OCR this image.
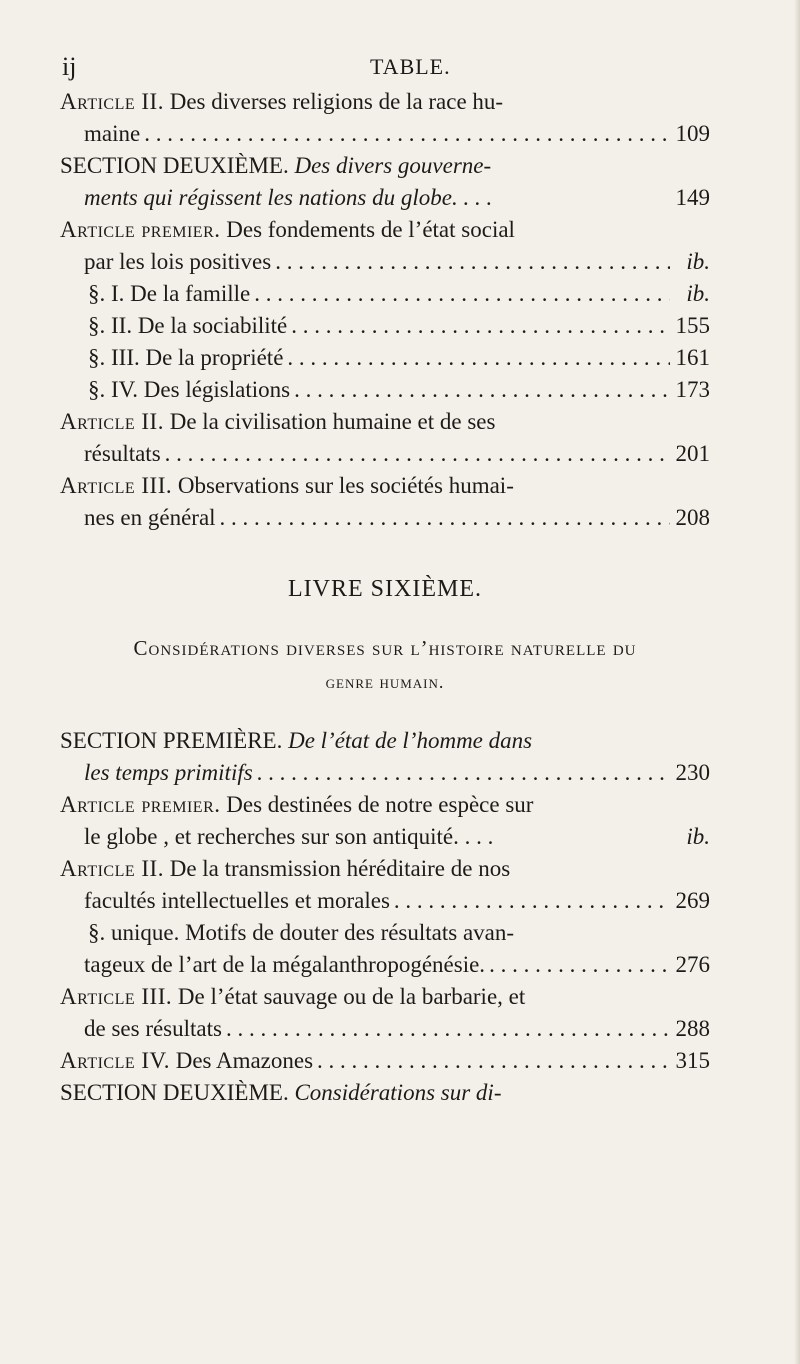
ij	TABLE.
Article II. Des diverses religions de la race hu-
maine . . .	109
SECTION DEUXIÈME. Des divers gouverne-
ments qui régissent les nations du globe. . . .	149
Article premier. Des fondements de l’état social
par les lois positives . . .	ib.
§. I. De la famille . . .	ib.
§. II. De la sociabilité . . .	155
§. III. De la propriété . . .	161
§. IV. Des législations . . .	173
Article II. De la civilisation humaine et de ses
résultats . . .	201
Article III. Observations sur les sociétés humai-
nes en général . . .	208
LIVRE SIXIÈME.
Considérations diverses sur l’histoire naturelle du
genre humain.
SECTION PREMIÈRE. De l’état de l’homme dans
les temps primitifs . . .	230
Article premier. Des destinées de notre espèce sur
le globe , et recherches sur son antiquité. . . .	ib.
Article II. De la transmission héréditaire de nos
facultés intellectuelles et morales . . .	269
§. unique. Motifs de douter des résultats avan-
tageux de l’art de la mégalanthropogénésie. . . .	276
Article III. De l’état sauvage ou de la barbarie, et
de ses résultats . . .	288
Article IV. Des Amazones . . .	315
SECTION DEUXIÈME. Considérations sur di-
